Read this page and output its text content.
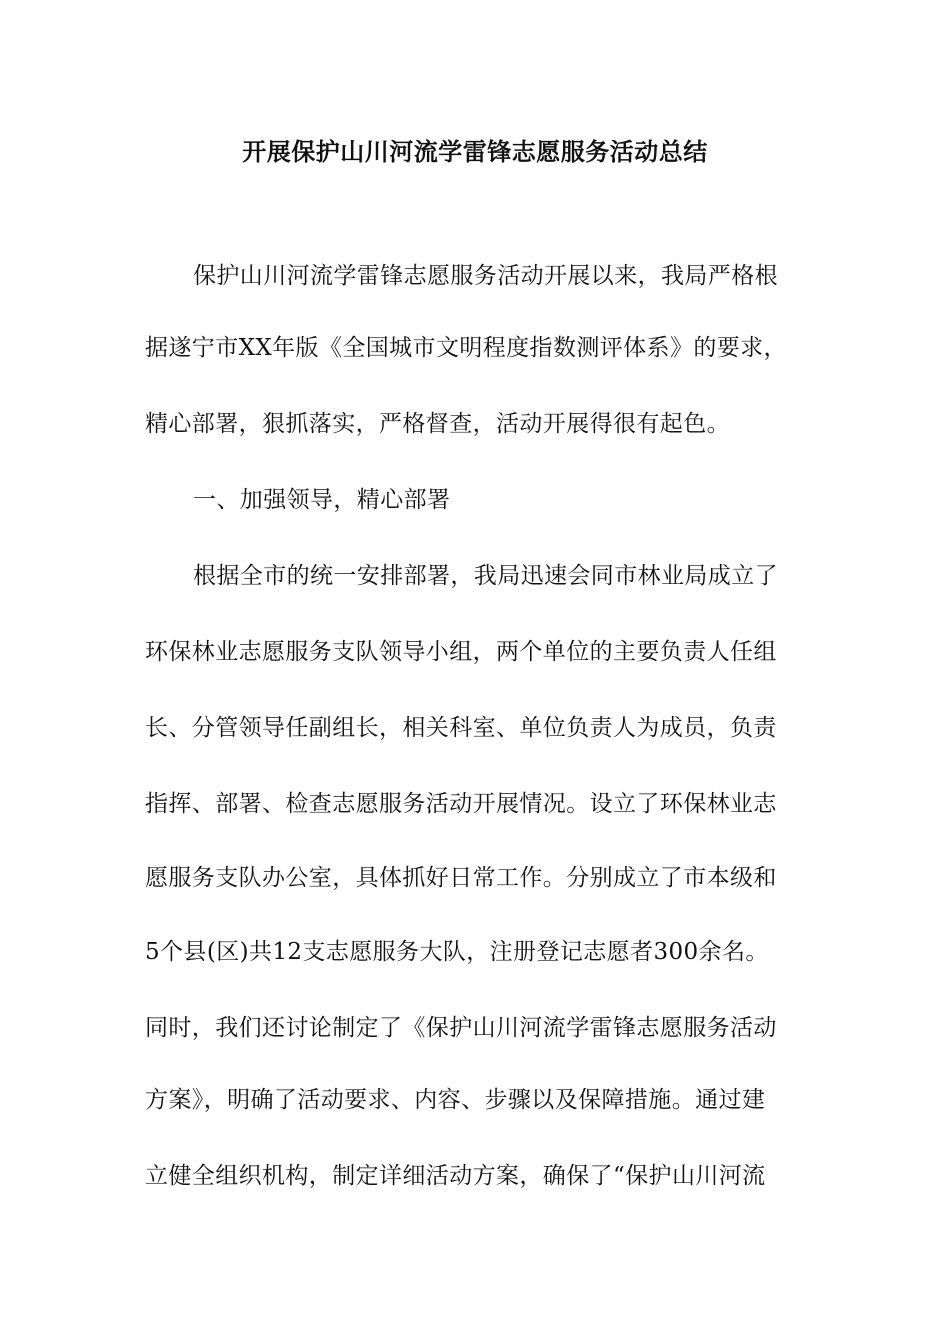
开展保护山川河流学雷锋志愿服务活动总结
保护山川河流学雷锋志愿服务活动开展以来，我局严格根
据遂宁市XX年版《全国城市文明程度指数测评体系》的要求，
精心部署，狠抓落实，严格督查，活动开展得很有起色。
一、加强领导，精心部署
根据全市的统一安排部署，我局迅速会同市林业局成立了
环保林业志愿服务支队领导小组，两个单位的主要负责人任组
长、分管领导任副组长，相关科室、单位负责人为成员，负责
指挥、部署、检查志愿服务活动开展情况。设立了环保林业志
愿服务支队办公室，具体抓好日常工作。分别成立了市本级和
5个县(区)共12支志愿服务大队，注册登记志愿者300余名。
同时，我们还讨论制定了《保护山川河流学雷锋志愿服务活动
方案》，明确了活动要求、内容、步骤以及保障措施。通过建
立健全组织机构，制定详细活动方案，确保了“保护山川河流
